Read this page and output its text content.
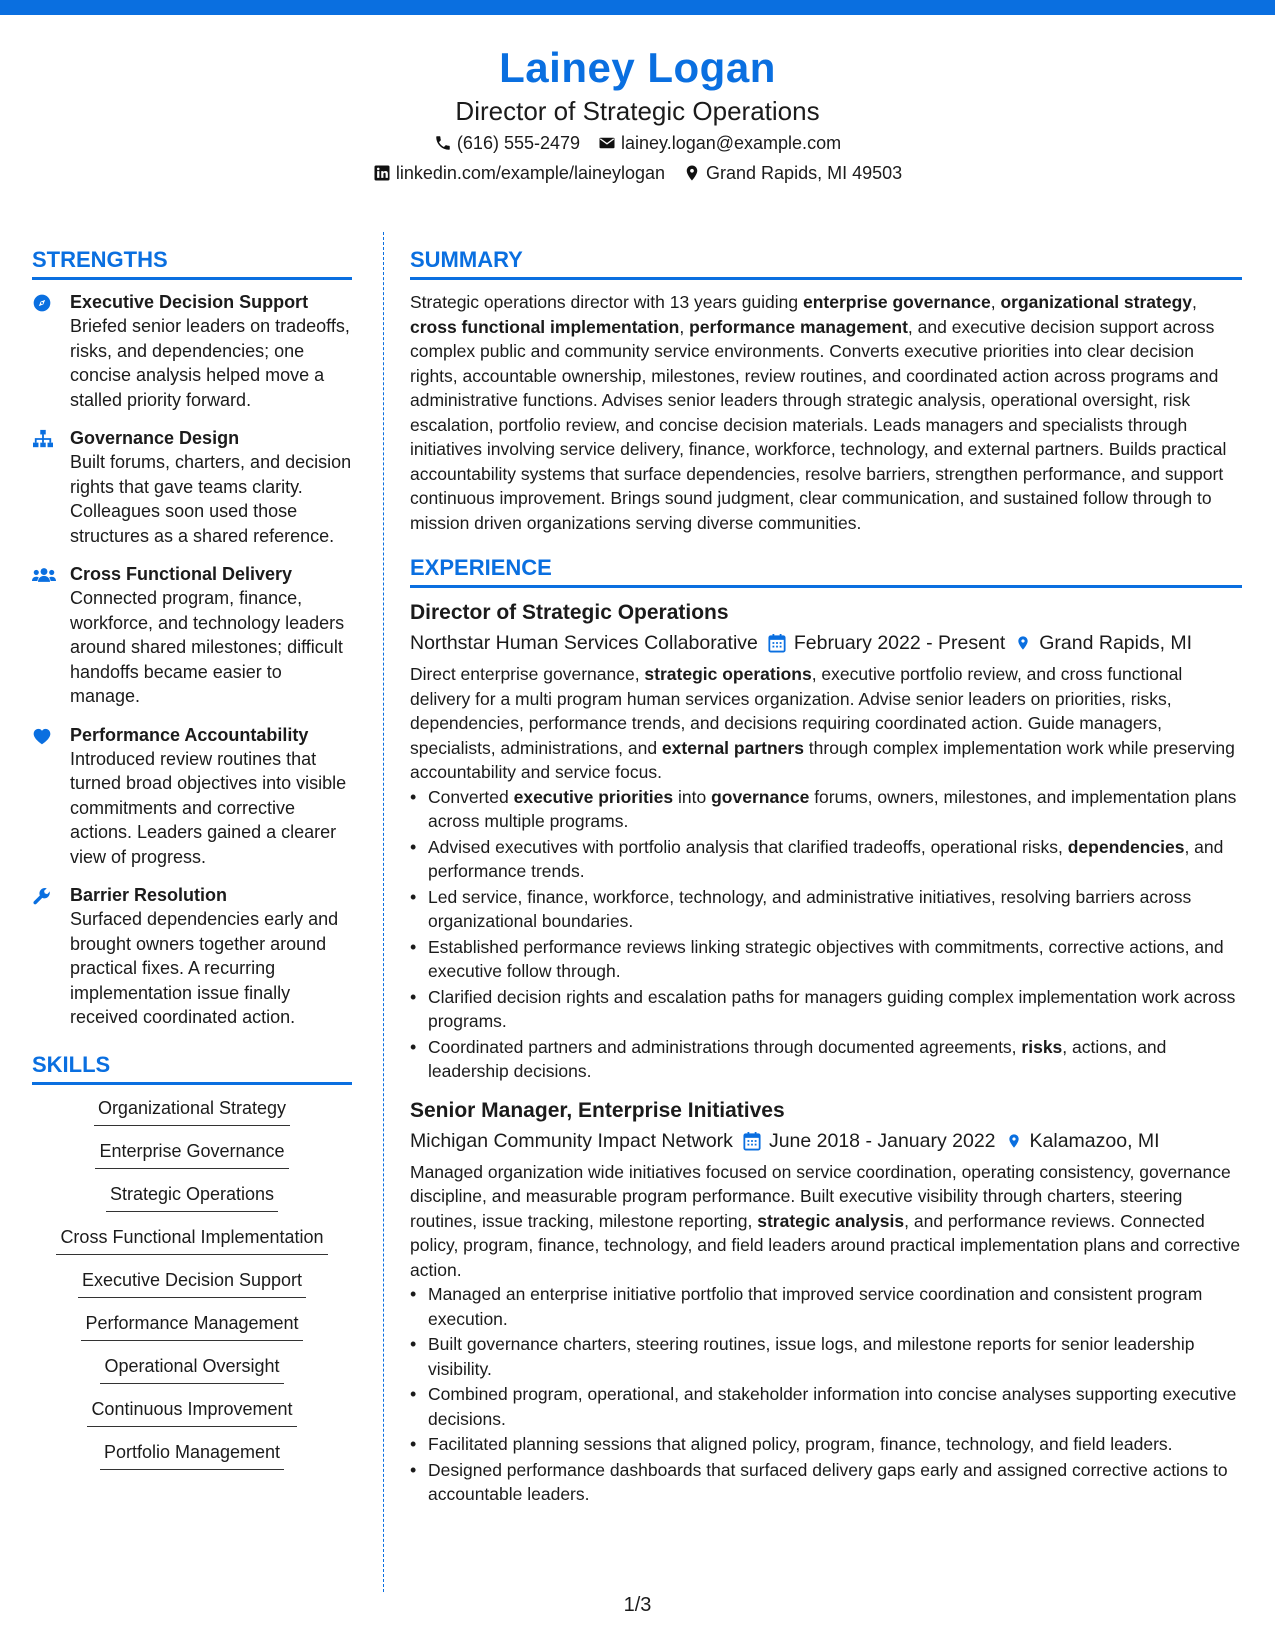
Lainey Logan
Director of Strategic Operations
(616) 555-2479 lainey.logan@example.com
linkedin.com/example/laineylogan Grand Rapids, MI 49503
STRENGTHS
Executive Decision Support
Briefed senior leaders on tradeoffs, risks, and dependencies; one concise analysis helped move a stalled priority forward.
Governance Design
Built forums, charters, and decision rights that gave teams clarity. Colleagues soon used those structures as a shared reference.
Cross Functional Delivery
Connected program, finance, workforce, and technology leaders around shared milestones; difficult handoffs became easier to manage.
Performance Accountability
Introduced review routines that turned broad objectives into visible commitments and corrective actions. Leaders gained a clearer view of progress.
Barrier Resolution
Surfaced dependencies early and brought owners together around practical fixes. A recurring implementation issue finally received coordinated action.
SKILLS
Organizational Strategy
Enterprise Governance
Strategic Operations
Cross Functional Implementation
Executive Decision Support
Performance Management
Operational Oversight
Continuous Improvement
Portfolio Management
SUMMARY

Strategic operations director with 13 years guiding enterprise governance, organizational strategy, cross functional implementation, performance management, and executive decision support across complex public and community service environments. Converts executive priorities into clear decision rights, accountable ownership, milestones, review routines, and coordinated action across programs and administrative functions. Advises senior leaders through strategic analysis, operational oversight, risk escalation, portfolio review, and concise decision materials. Leads managers and specialists through initiatives involving service delivery, finance, workforce, technology, and external partners. Builds practical accountability systems that surface dependencies, resolve barriers, strengthen performance, and support continuous improvement. Brings sound judgment, clear communication, and sustained follow through to mission driven organizations serving diverse communities.

EXPERIENCE
Director of Strategic Operations
Northstar Human Services Collaborative February 2022 - Present Grand Rapids, MI

Direct enterprise governance, strategic operations, executive portfolio review, and cross functional delivery for a multi program human services organization. Advise senior leaders on priorities, risks, dependencies, performance trends, and decisions requiring coordinated action. Guide managers, specialists, administrations, and external partners through complex implementation work while preserving accountability and service focus.

• Converted executive priorities into governance forums, owners, milestones, and implementation plans across multiple programs.
• Advised executives with portfolio analysis that clarified tradeoffs, operational risks, dependencies, and performance trends.
• Led service, finance, workforce, technology, and administrative initiatives, resolving barriers across organizational boundaries.
• Established performance reviews linking strategic objectives with commitments, corrective actions, and executive follow through.
• Clarified decision rights and escalation paths for managers guiding complex implementation work across programs.
• Coordinated partners and administrations through documented agreements, risks, actions, and leadership decisions.
Senior Manager, Enterprise Initiatives
Michigan Community Impact Network June 2018 - January 2022 Kalamazoo, MI

Managed organization wide initiatives focused on service coordination, operating consistency, governance discipline, and measurable program performance. Built executive visibility through charters, steering routines, issue tracking, milestone reporting, strategic analysis, and performance reviews. Connected policy, program, finance, technology, and field leaders around practical implementation plans and corrective action.

• Managed an enterprise initiative portfolio that improved service coordination and consistent program execution.
• Built governance charters, steering routines, issue logs, and milestone reports for senior leadership visibility.
• Combined program, operational, and stakeholder information into concise analyses supporting executive decisions.
• Facilitated planning sessions that aligned policy, program, finance, technology, and field leaders.
• Designed performance dashboards that surfaced delivery gaps early and assigned corrective actions to accountable leaders.
1/3
